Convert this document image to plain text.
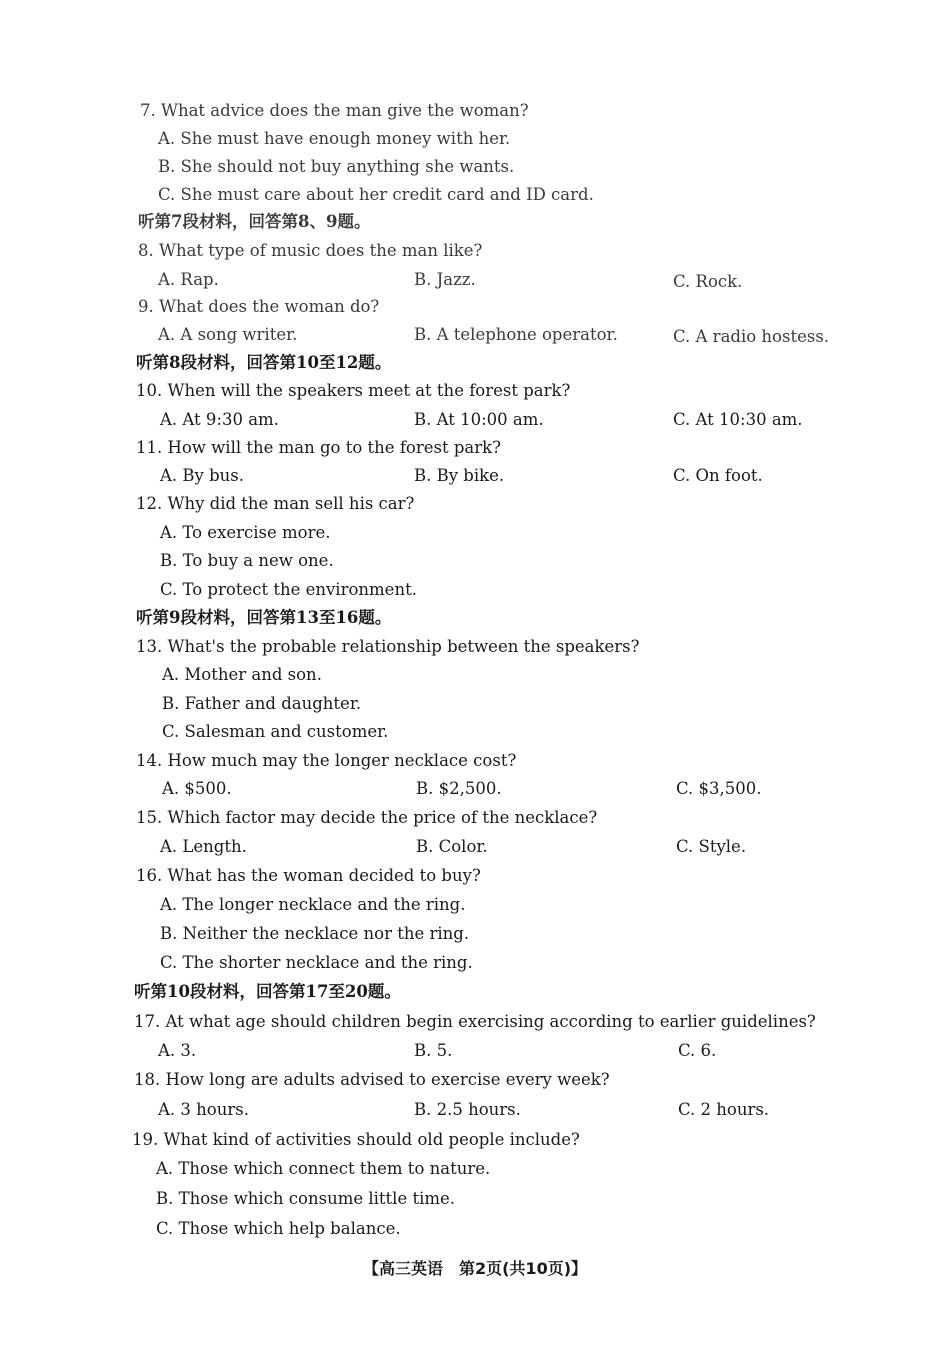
7. What advice does the man give the woman?
A. She must have enough money with her.
B. She should not buy anything she wants.
C. She must care about her credit card and ID card.
听第7段材料，回答第8、9题。
8. What type of music does the man like?
A. Rap.	B. Jazz.	C. Rock.
9. What does the woman do?
A. A song writer.	B. A telephone operator.	C. A radio hostess.
听第8段材料，回答第10至12题。
10. When will the speakers meet at the forest park?
A. At 9:30 am.	B. At 10:00 am.	C. At 10:30 am.
11. How will the man go to the forest park?
A. By bus.	B. By bike.	C. On foot.
12. Why did the man sell his car?
A. To exercise more.
B. To buy a new one.
C. To protect the environment.
听第9段材料，回答第13至16题。
13. What's the probable relationship between the speakers?
A. Mother and son.
B. Father and daughter.
C. Salesman and customer.
14. How much may the longer necklace cost?
A. $500.	B. $2,500.	C. $3,500.
15. Which factor may decide the price of the necklace?
A. Length.	B. Color.	C. Style.
16. What has the woman decided to buy?
A. The longer necklace and the ring.
B. Neither the necklace nor the ring.
C. The shorter necklace and the ring.
听第10段材料，回答第17至20题。
17. At what age should children begin exercising according to earlier guidelines?
A. 3.	B. 5.	C. 6.
18. How long are adults advised to exercise every week?
A. 3 hours.	B. 2.5 hours.	C. 2 hours.
19. What kind of activities should old people include?
A. Those which connect them to nature.
B. Those which consume little time.
C. Those which help balance.
【高三英语　第2页(共10页)】
